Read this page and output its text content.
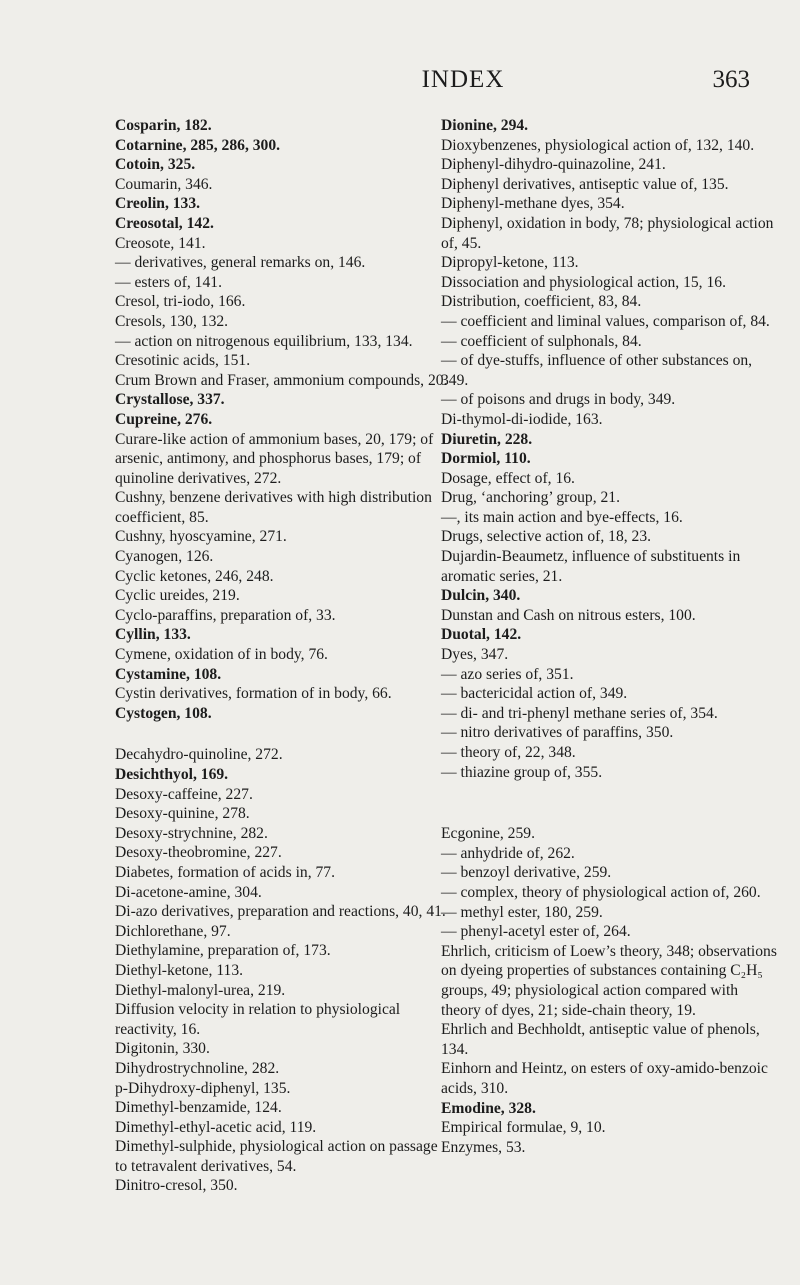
INDEX	363
Cosparin, 182.
Cotarnine, 285, 286, 300.
Cotoin, 325.
Coumarin, 346.
Creolin, 133.
Creosotal, 142.
Creosote, 141.
— derivatives, general remarks on, 146.
— esters of, 141.
Cresol, tri-iodo, 166.
Cresols, 130, 132.
— action on nitrogenous equilibrium, 133, 134.
Cresotinic acids, 151.
Crum Brown and Fraser, ammonium compounds, 20.
Crystallose, 337.
Cupreine, 276.
Curare-like action of ammonium bases, 20, 179; of arsenic, antimony, and phosphorus bases, 179; of quinoline derivatives, 272.
Cushny, benzene derivatives with high distribution coefficient, 85.
Cushny, hyoscyamine, 271.
Cyanogen, 126.
Cyclic ketones, 246, 248.
Cyclic ureides, 219.
Cyclo-paraffins, preparation of, 33.
Cyllin, 133.
Cymene, oxidation of in body, 76.
Cystamine, 108.
Cystin derivatives, formation of in body, 66.
Cystogen, 108.
Decahydro-quinoline, 272.
Desichthyol, 169.
Desoxy-caffeine, 227.
Desoxy-quinine, 278.
Desoxy-strychnine, 282.
Desoxy-theobromine, 227.
Diabetes, formation of acids in, 77.
Di-acetone-amine, 304.
Di-azo derivatives, preparation and reactions, 40, 41.
Dichlorethane, 97.
Diethylamine, preparation of, 173.
Diethyl-ketone, 113.
Diethyl-malonyl-urea, 219.
Diffusion velocity in relation to physiological reactivity, 16.
Digitonin, 330.
Dihydrostrychnoline, 282.
p-Dihydroxy-diphenyl, 135.
Dimethyl-benzamide, 124.
Dimethyl-ethyl-acetic acid, 119.
Dimethyl-sulphide, physiological action on passage to tetravalent derivatives, 54.
Dinitro-cresol, 350.
Dionine, 294.
Dioxybenzenes, physiological action of, 132, 140.
Diphenyl-dihydro-quinazoline, 241.
Diphenyl derivatives, antiseptic value of, 135.
Diphenyl-methane dyes, 354.
Diphenyl, oxidation in body, 78; physiological action of, 45.
Dipropyl-ketone, 113.
Dissociation and physiological action, 15, 16.
Distribution, coefficient, 83, 84.
— coefficient and liminal values, comparison of, 84.
— coefficient of sulphonals, 84.
— of dye-stuffs, influence of other substances on, 349.
— of poisons and drugs in body, 349.
Di-thymol-di-iodide, 163.
Diuretin, 228.
Dormiol, 110.
Dosage, effect of, 16.
Drug, ‘anchoring’ group, 21.
—, its main action and bye-effects, 16.
Drugs, selective action of, 18, 23.
Dujardin-Beaumetz, influence of substituents in aromatic series, 21.
Dulcin, 340.
Dunstan and Cash on nitrous esters, 100.
Duotal, 142.
Dyes, 347.
— azo series of, 351.
— bactericidal action of, 349.
— di- and tri-phenyl methane series of, 354.
— nitro derivatives of paraffins, 350.
— theory of, 22, 348.
— thiazine group of, 355.
Ecgonine, 259.
— anhydride of, 262.
— benzoyl derivative, 259.
— complex, theory of physiological action of, 260.
— methyl ester, 180, 259.
— phenyl-acetyl ester of, 264.
Ehrlich, criticism of Loew’s theory, 348; observations on dyeing properties of substances containing C₂H₅ groups, 49; physiological action compared with theory of dyes, 21; side-chain theory, 19.
Ehrlich and Bechholdt, antiseptic value of phenols, 134.
Einhorn and Heintz, on esters of oxy-amido-benzoic acids, 310.
Emodine, 328.
Empirical formulae, 9, 10.
Enzymes, 53.
